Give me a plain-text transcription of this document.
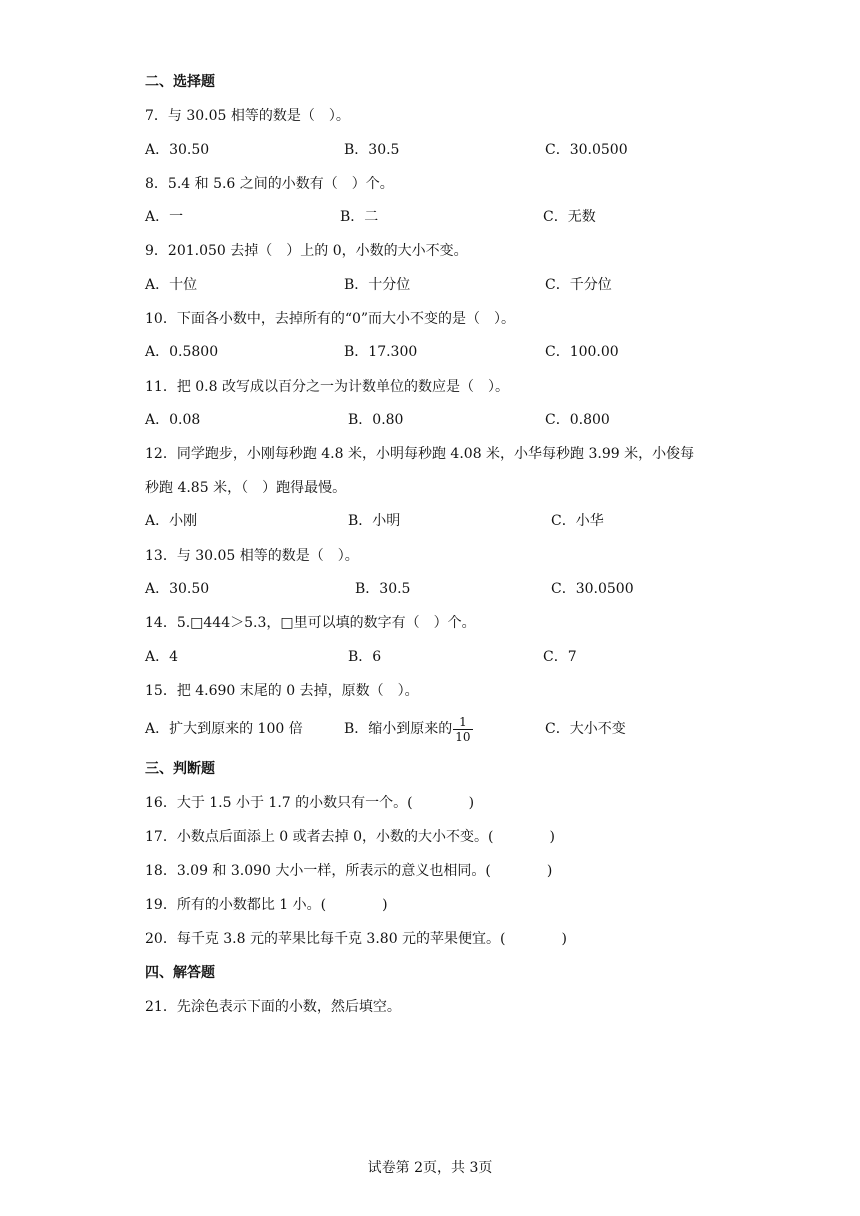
二、选择题
7．与 30.05 相等的数是（　）。
A．30.50	B．30.5	C．30.0500
8．5.4 和 5.6 之间的小数有（　）个。
A．一	B．二	C．无数
9．201.050 去掉（　）上的 0，小数的大小不变。
A．十位	B．十分位	C．千分位
10．下面各小数中，去掉所有的“0”而大小不变的是（　）。
A．0.5800	B．17.300	C．100.00
11．把 0.8 改写成以百分之一为计数单位的数应是（　）。
A．0.08	B．0.80	C．0.800
12．同学跑步，小刚每秒跑 4.8 米，小明每秒跑 4.08 米，小华每秒跑 3.99 米，小俊每
秒跑 4.85 米，（　）跑得最慢。
A．小刚	B．小明	C．小华
13．与 30.05 相等的数是（　）。
A．30.50	B．30.5	C．30.0500
14．5.□444＞5.3，□里可以填的数字有（　）个。
A．4	B．6	C．7
15．把 4.690 末尾的 0 去掉，原数（　）。
A．扩大到原来的 100 倍	B．缩小到原来的 $\frac{1}{10}$	C．大小不变
三、判断题
16．大于 1.5 小于 1.7 的小数只有一个。(　　　　)
17．小数点后面添上 0 或者去掉 0，小数的大小不变。(　　　　)
18．3.09 和 3.090 大小一样，所表示的意义也相同。(　　　　)
19．所有的小数都比 1 小。(　　　　)
20．每千克 3.8 元的苹果比每千克 3.80 元的苹果便宜。(　　　　)
四、解答题
21．先涂色表示下面的小数，然后填空。
试卷第 2页，共 3页
